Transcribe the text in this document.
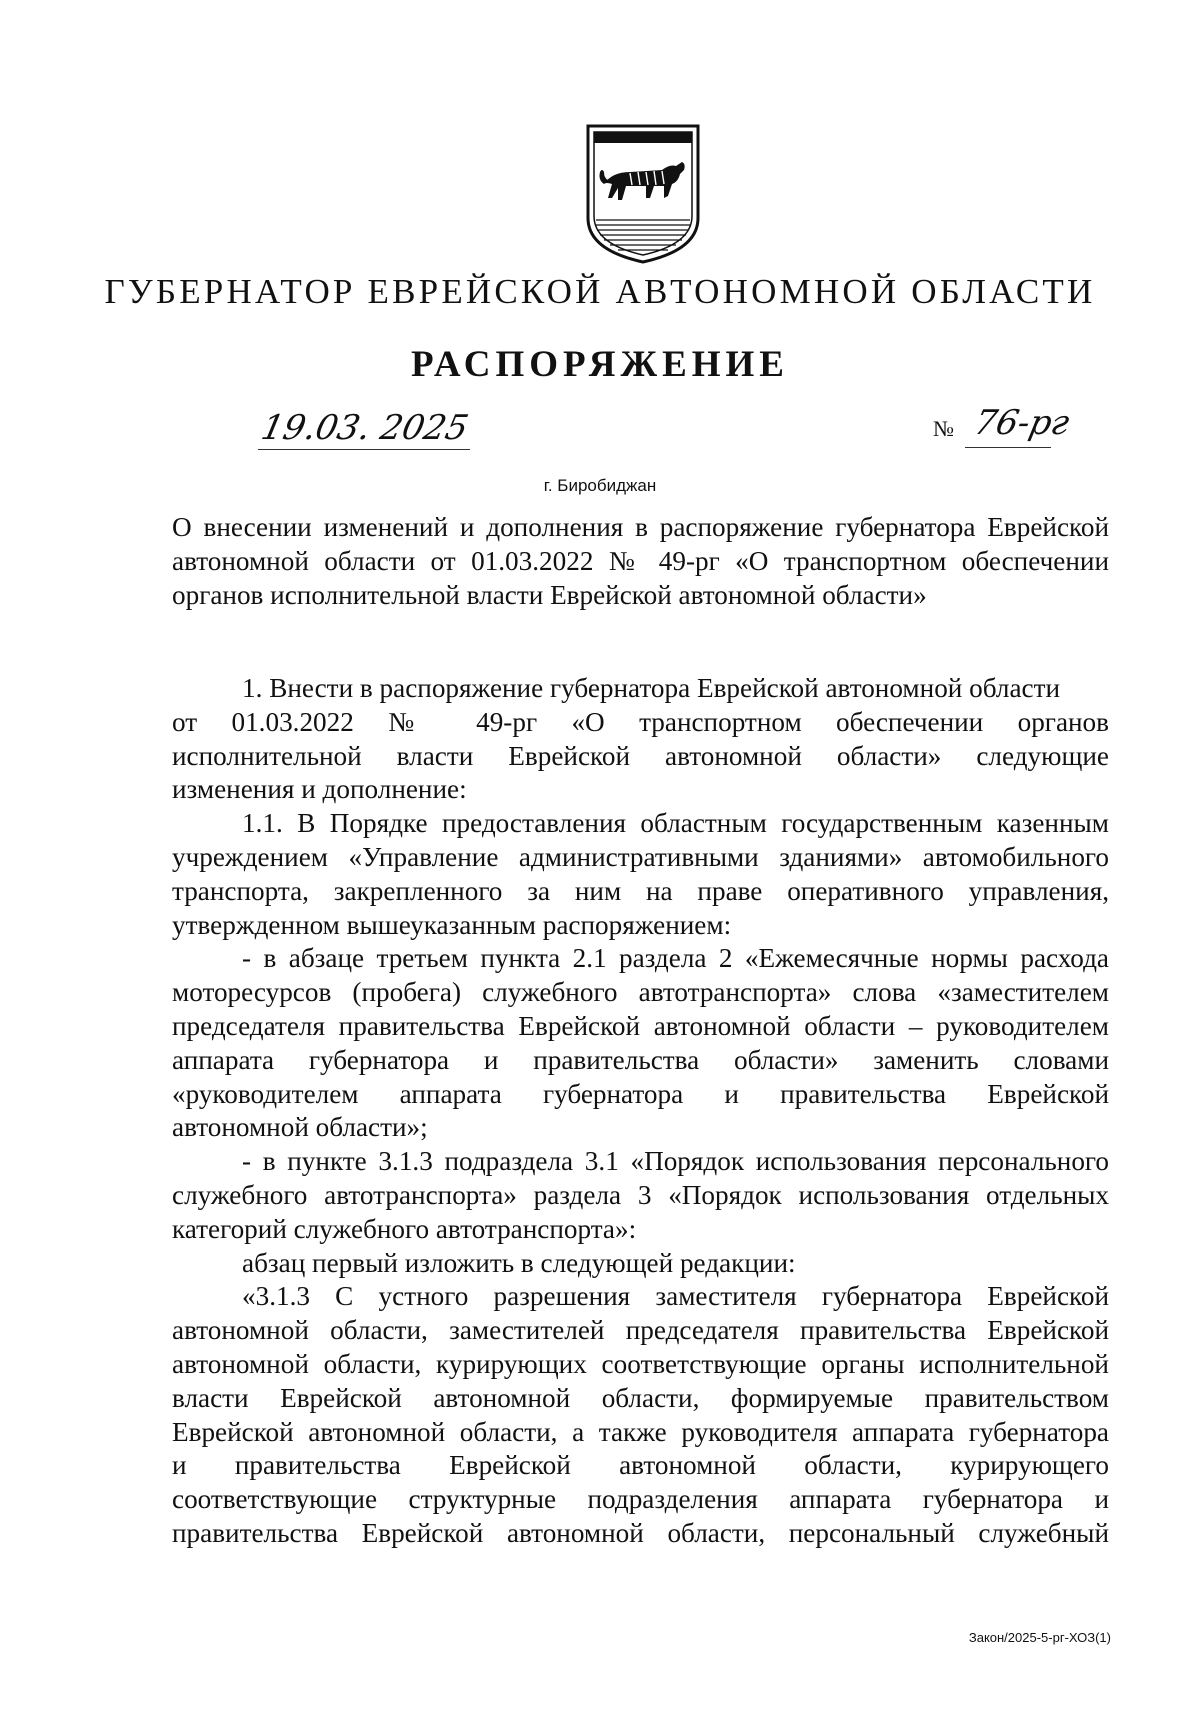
ГУБЕРНАТОР ЕВРЕЙСКОЙ АВТОНОМНОЙ ОБЛАСТИ
РАСПОРЯЖЕНИЕ
19.03. 2025	№ 76-рг
г. Биробиджан
О внесении изменений и дополнения в распоряжение губернатора Еврейской
автономной области от 01.03.2022 № 49-рг «О транспортном обеспечении
органов исполнительной власти Еврейской автономной области»
1. Внести в распоряжение губернатора Еврейской автономной области
от 01.03.2022 № 49-рг «О транспортном обеспечении органов
исполнительной власти Еврейской автономной области» следующие
изменения и дополнение:
1.1. В Порядке предоставления областным государственным казенным
учреждением «Управление административными зданиями» автомобильного
транспорта, закрепленного за ним на праве оперативного управления,
утвержденном вышеуказанным распоряжением:
- в абзаце третьем пункта 2.1 раздела 2 «Ежемесячные нормы расхода
моторесурсов (пробега) служебного автотранспорта» слова «заместителем
председателя правительства Еврейской автономной области – руководителем
аппарата губернатора и правительства области» заменить словами
«руководителем аппарата губернатора и правительства Еврейской
автономной области»;
- в пункте 3.1.3 подраздела 3.1 «Порядок использования персонального
служебного автотранспорта» раздела 3 «Порядок использования отдельных
категорий служебного автотранспорта»:
абзац первый изложить в следующей редакции:
«3.1.3 С устного разрешения заместителя губернатора Еврейской
автономной области, заместителей председателя правительства Еврейской
автономной области, курирующих соответствующие органы исполнительной
власти Еврейской автономной области, формируемые правительством
Еврейской автономной области, а также руководителя аппарата губернатора
и правительства Еврейской автономной области, курирующего
соответствующие структурные подразделения аппарата губернатора и
правительства Еврейской автономной области, персональный служебный
Закон/2025-5-рг-ХОЗ(1)
